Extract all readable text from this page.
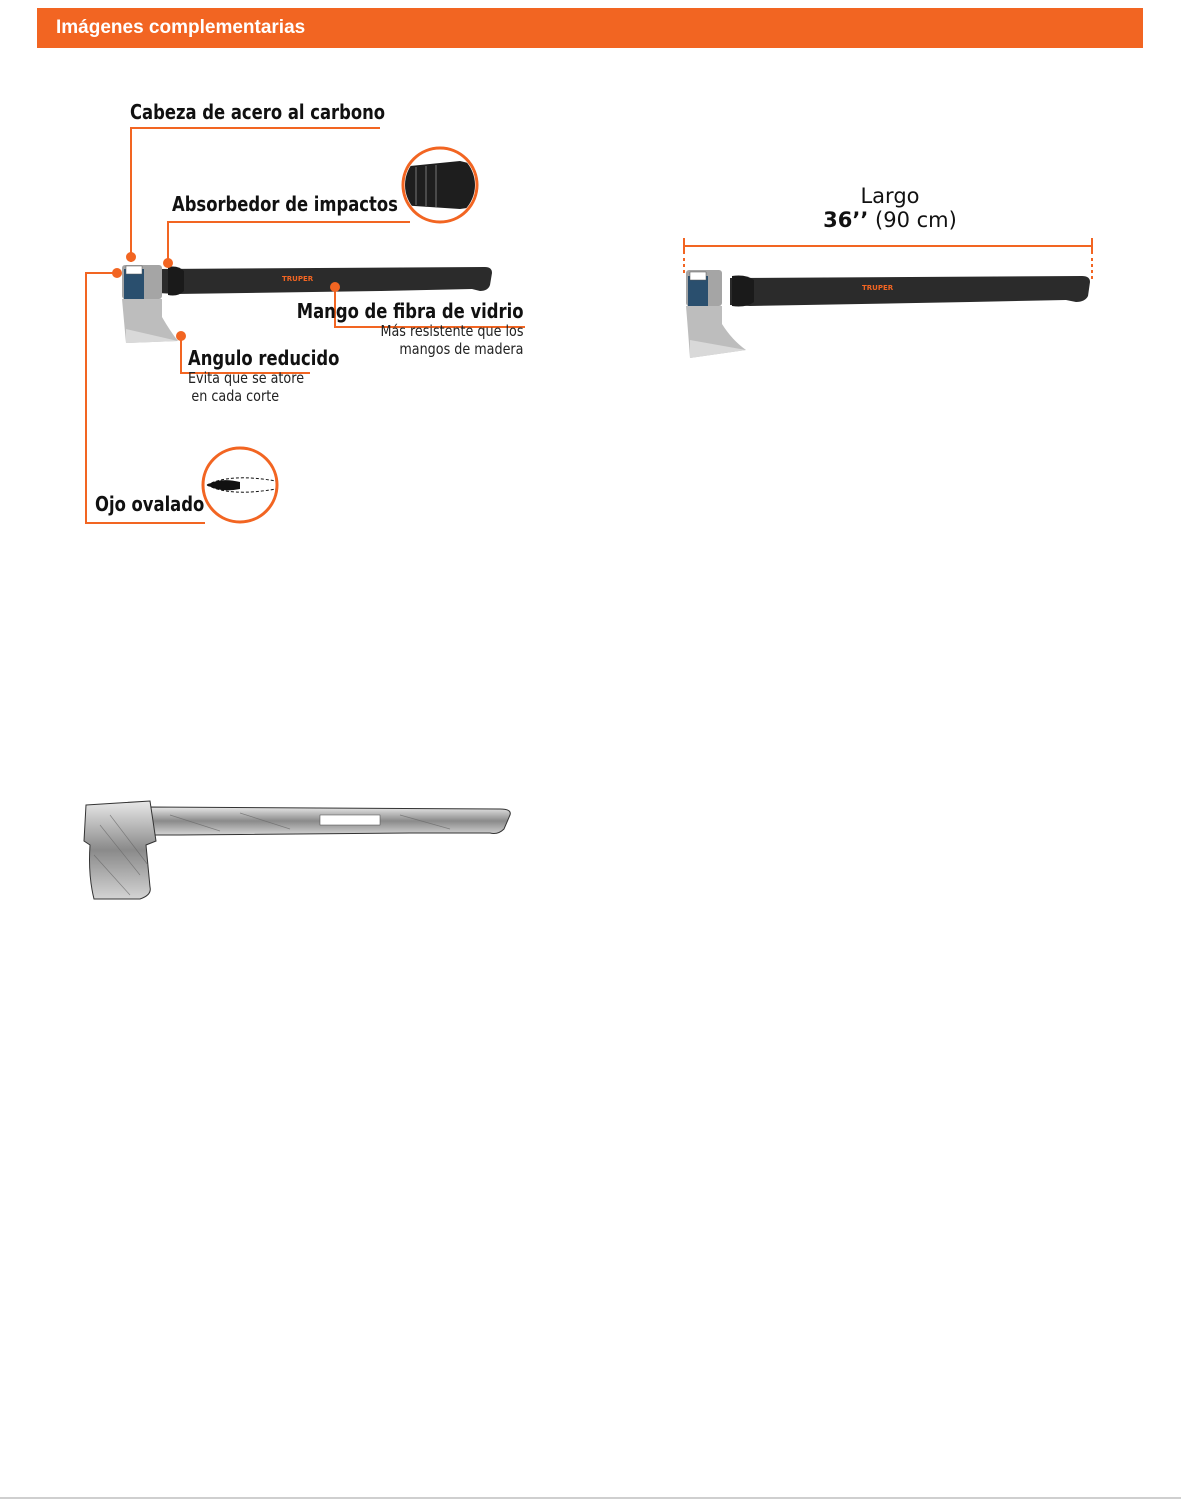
Imágenes complementarias
TRUPER
Cabeza de acero al carbono
Absorbedor de impactos
Mango de fibra de vidrio
Más resistente que los
mangos de madera
Angulo reducido
Evita que se atore
en cada corte
Ojo ovalado
Largo
36’’ (90 cm)
TRUPER
